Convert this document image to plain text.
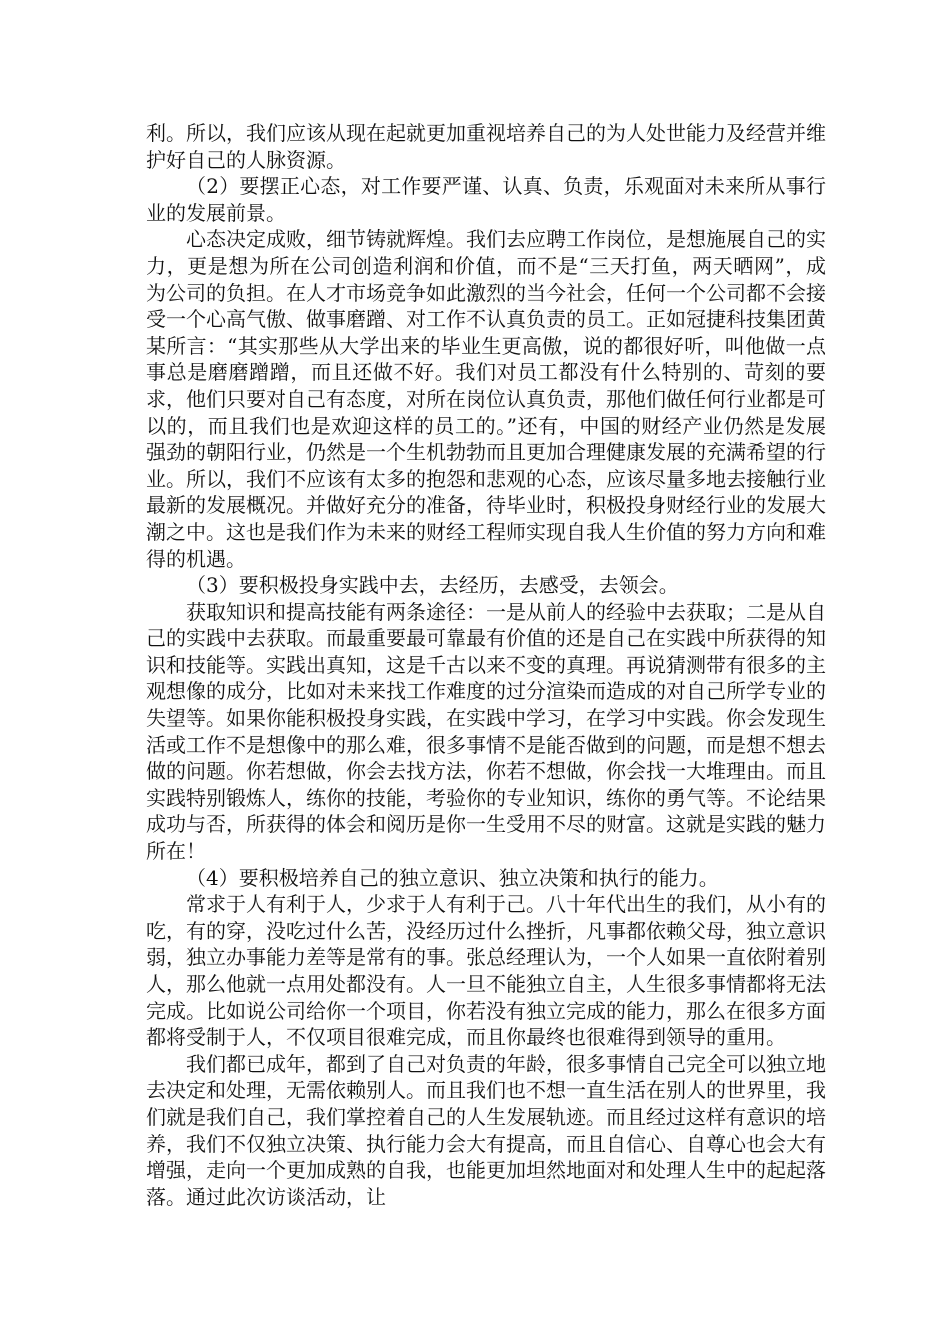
利。所以，我们应该从现在起就更加重视培养自己的为人处世能力及经营并维护好自己的人脉资源。

（2）要摆正心态，对工作要严谨、认真、负责，乐观面对未来所从事行业的发展前景。

心态决定成败，细节铸就辉煌。我们去应聘工作岗位，是想施展自己的实力，更是想为所在公司创造利润和价值，而不是“三天打鱼，两天晒网”，成为公司的负担。在人才市场竞争如此激烈的当今社会，任何一个公司都不会接受一个心高气傲、做事磨蹭、对工作不认真负责的员工。正如冠捷科技集团黄某所言：“其实那些从大学出来的毕业生更高傲，说的都很好听，叫他做一点事总是磨磨蹭蹭，而且还做不好。我们对员工都没有什么特别的、苛刻的要求，他们只要对自己有态度，对所在岗位认真负责，那他们做任何行业都是可以的，而且我们也是欢迎这样的员工的。”还有，中国的财经产业仍然是发展强劲的朝阳行业，仍然是一个生机勃勃而且更加合理健康发展的充满希望的行业。所以，我们不应该有太多的抱怨和悲观的心态，应该尽量多地去接触行业最新的发展概况。并做好充分的准备，待毕业时，积极投身财经行业的发展大潮之中。这也是我们作为未来的财经工程师实现自我人生价值的努力方向和难得的机遇。

（3）要积极投身实践中去，去经历，去感受，去领会。

获取知识和提高技能有两条途径：一是从前人的经验中去获取；二是从自己的实践中去获取。而最重要最可靠最有价值的还是自己在实践中所获得的知识和技能等。实践出真知，这是千古以来不变的真理。再说猜测带有很多的主观想像的成分，比如对未来找工作难度的过分渲染而造成的对自己所学专业的失望等。如果你能积极投身实践，在实践中学习，在学习中实践。你会发现生活或工作不是想像中的那么难，很多事情不是能否做到的问题，而是想不想去做的问题。你若想做，你会去找方法，你若不想做，你会找一大堆理由。而且实践特别锻炼人，练你的技能，考验你的专业知识，练你的勇气等。不论结果成功与否，所获得的体会和阅历是你一生受用不尽的财富。这就是实践的魅力所在！

（4）要积极培养自己的独立意识、独立决策和执行的能力。

常求于人有利于人，少求于人有利于己。八十年代出生的我们，从小有的吃，有的穿，没吃过什么苦，没经历过什么挫折，凡事都依赖父母，独立意识弱，独立办事能力差等是常有的事。张总经理认为，一个人如果一直依附着别人，那么他就一点用处都没有。人一旦不能独立自主，人生很多事情都将无法完成。比如说公司给你一个项目，你若没有独立完成的能力，那么在很多方面都将受制于人，不仅项目很难完成，而且你最终也很难得到领导的重用。

我们都已成年，都到了自己对负责的年龄，很多事情自己完全可以独立地去决定和处理，无需依赖别人。而且我们也不想一直生活在别人的世界里，我们就是我们自己，我们掌控着自己的人生发展轨迹。而且经过这样有意识的培养，我们不仅独立决策、执行能力会大有提高，而且自信心、自尊心也会大有增强，走向一个更加成熟的自我，也能更加坦然地面对和处理人生中的起起落落。通过此次访谈活动，让
